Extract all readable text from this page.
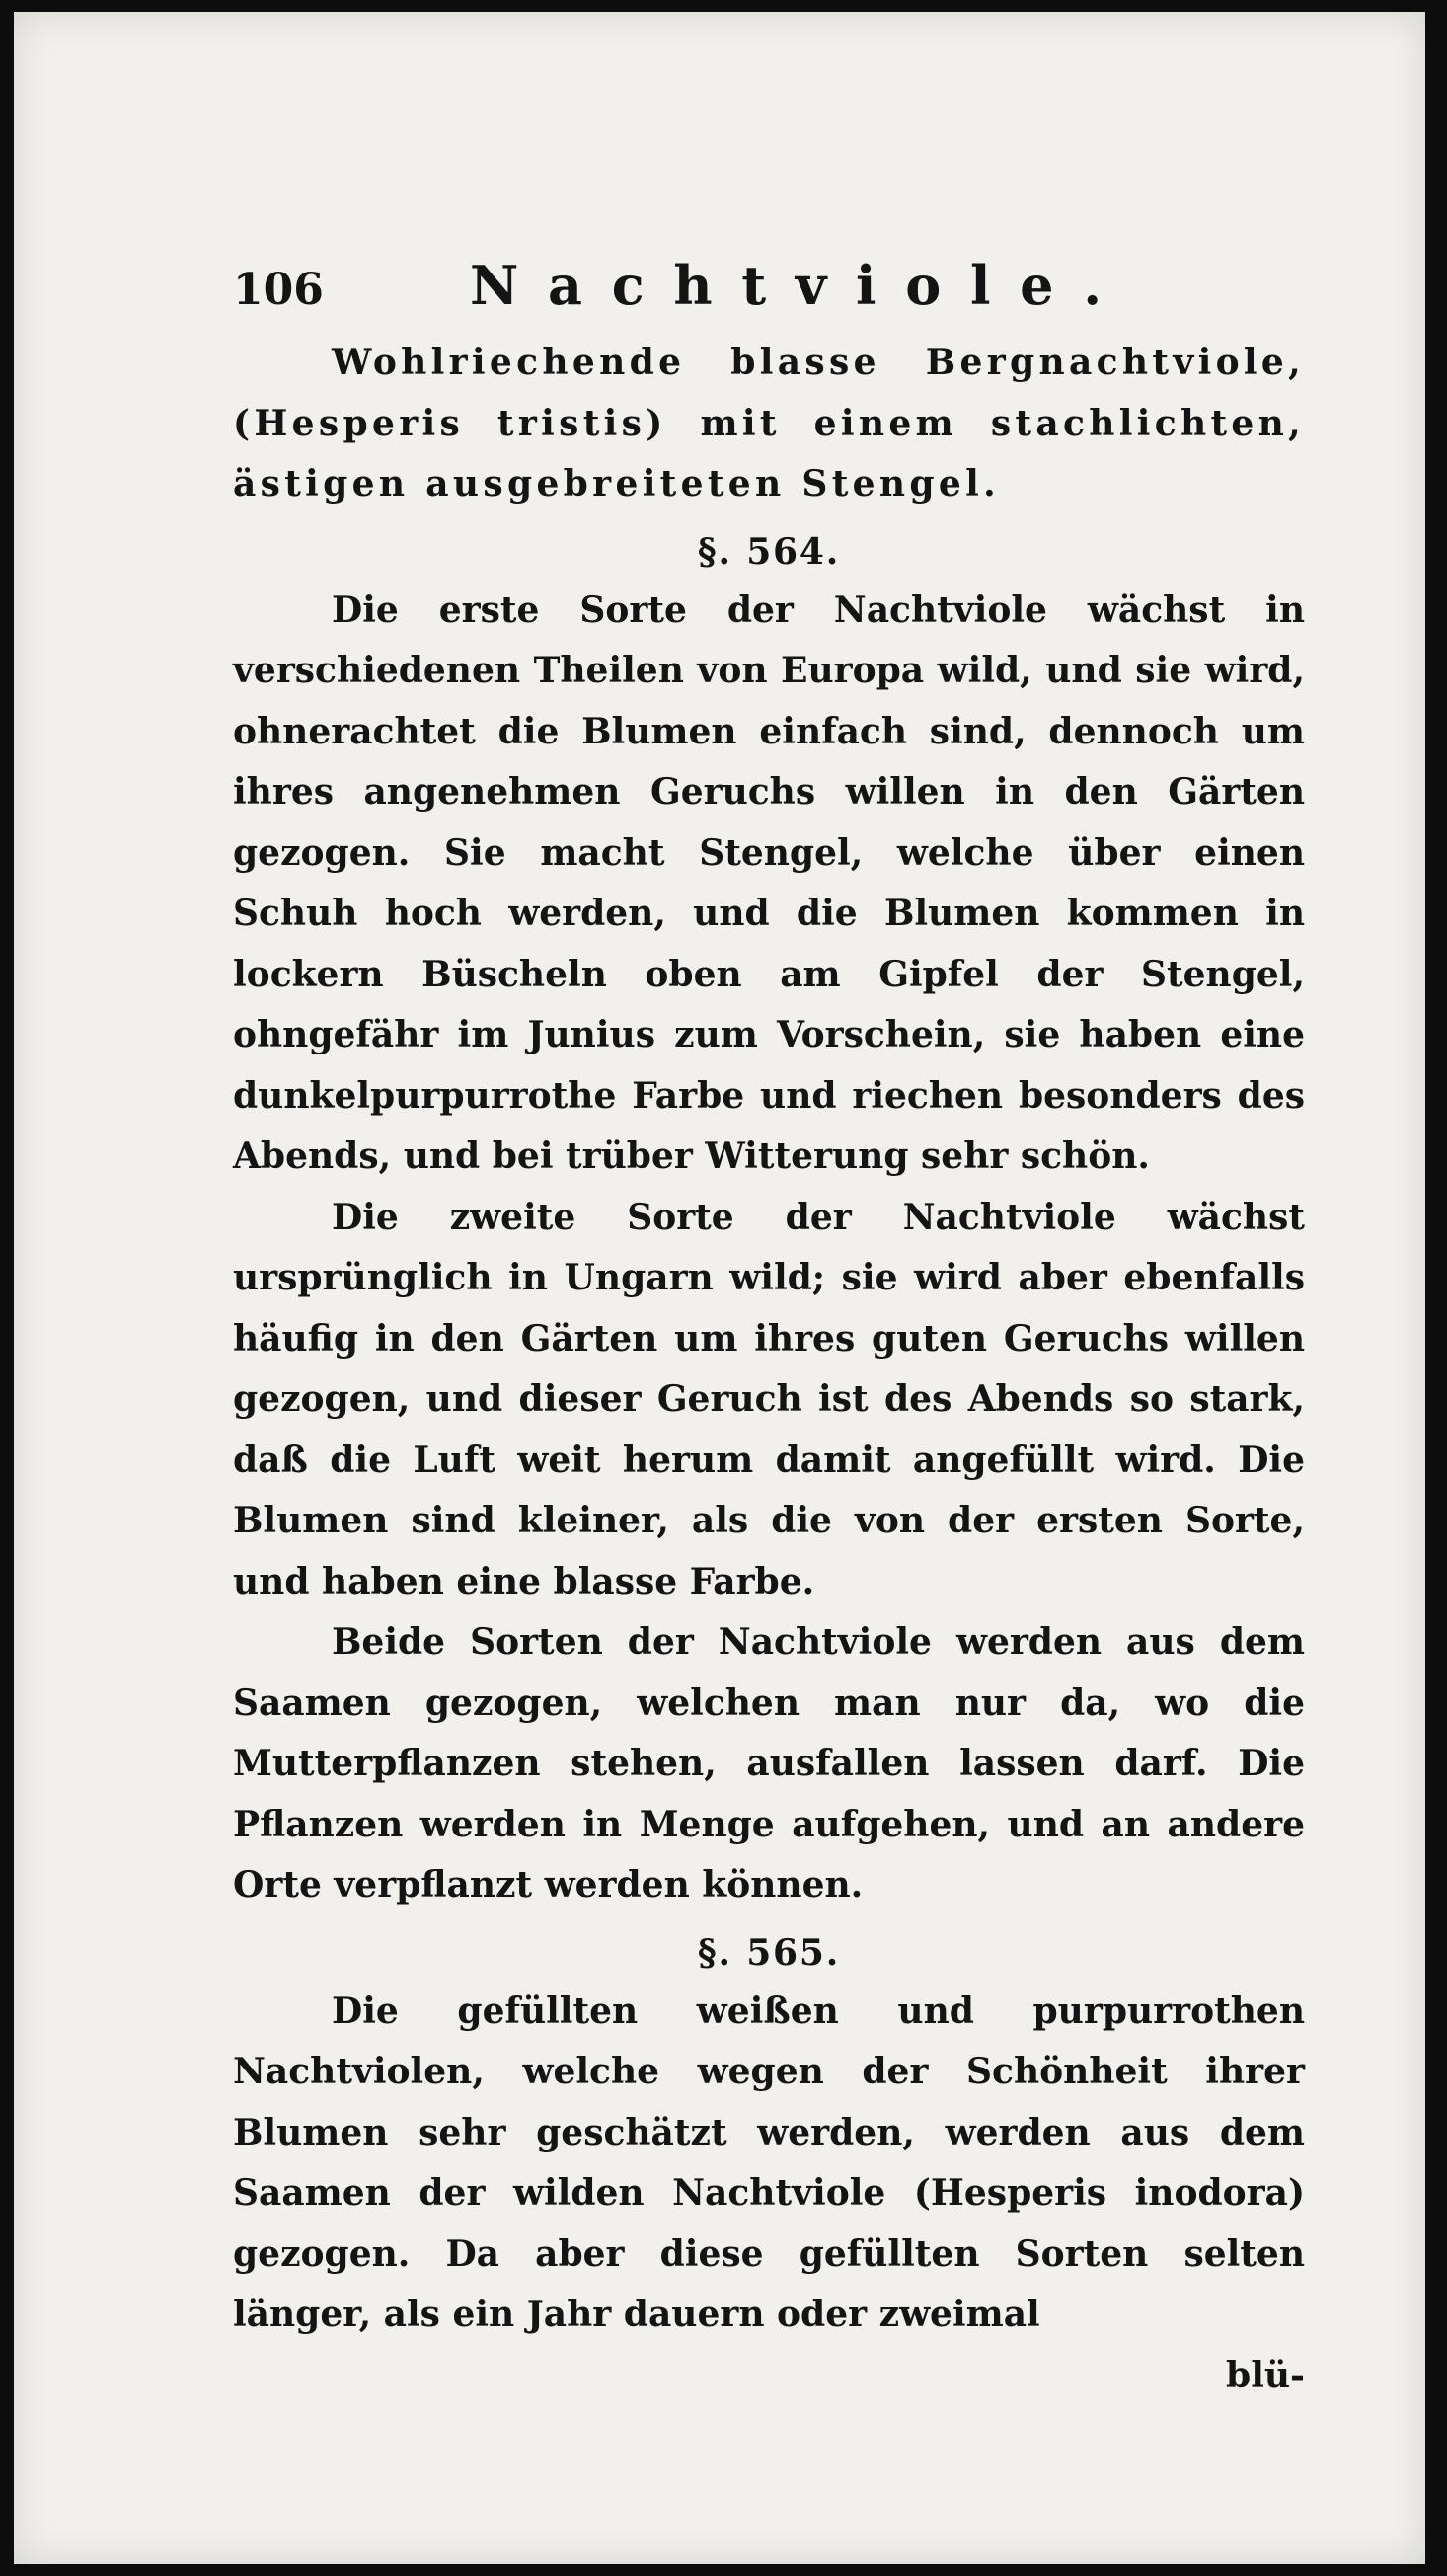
106	Nachtviole.

Wohlriechende blasse Bergnachtviole, (Hesperis tristis) mit einem stachlichten, ästigen ausgebreiteten Stengel.

§. 564.

Die erste Sorte der Nachtviole wächst in verschiedenen Theilen von Europa wild, und sie wird, ohnerachtet die Blumen einfach sind, dennoch um ihres angenehmen Geruchs willen in den Gärten gezogen. Sie macht Stengel, welche über einen Schuh hoch werden, und die Blumen kommen in lockern Büscheln oben am Gipfel der Stengel, ohngefähr im Junius zum Vorschein, sie haben eine dunkelpurpurrothe Farbe und riechen besonders des Abends, und bei trüber Witterung sehr schön.

Die zweite Sorte der Nachtviole wächst ursprünglich in Ungarn wild; sie wird aber ebenfalls häufig in den Gärten um ihres guten Geruchs willen gezogen, und dieser Geruch ist des Abends so stark, daß die Luft weit herum damit angefüllt wird. Die Blumen sind kleiner, als die von der ersten Sorte, und haben eine blasse Farbe.

Beide Sorten der Nachtviole werden aus dem Saamen gezogen, welchen man nur da, wo die Mutterpflanzen stehen, ausfallen lassen darf. Die Pflanzen werden in Menge aufgehen, und an andere Orte verpflanzt werden können.

§. 565.

Die gefüllten weißen und purpurrothen Nachtviolen, welche wegen der Schönheit ihrer Blumen sehr geschätzt werden, werden aus dem Saamen der wilden Nachtviole (Hesperis inodora) gezogen. Da aber diese gefüllten Sorten selten länger, als ein Jahr dauern oder zweimal

blü-
